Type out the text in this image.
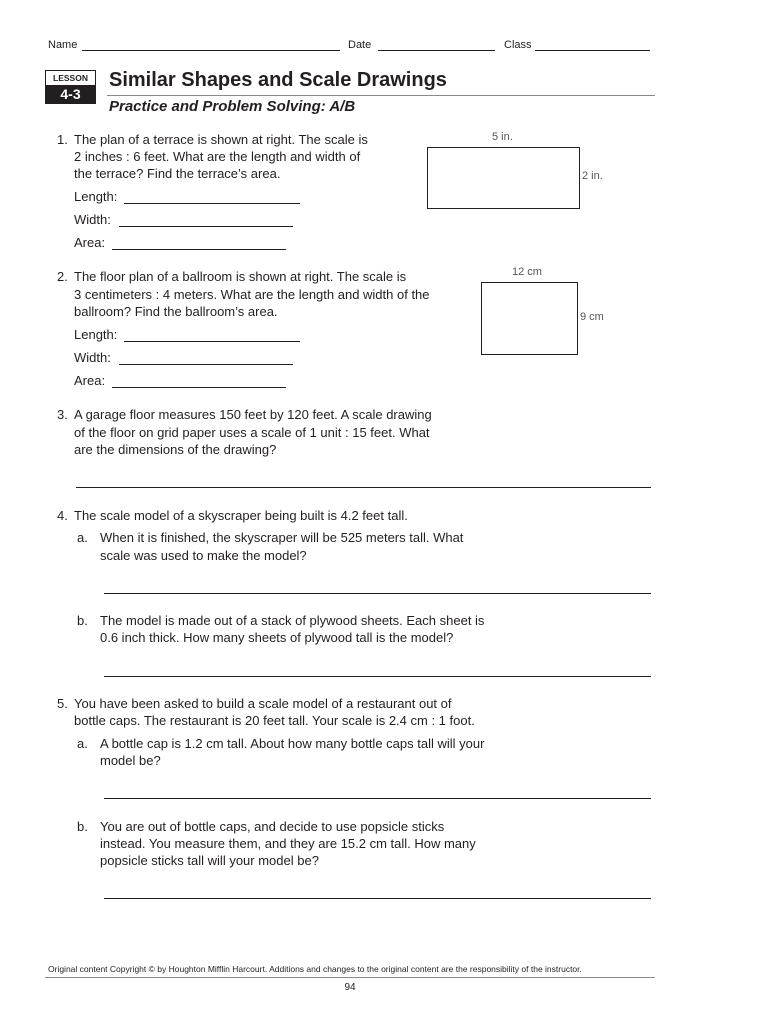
Name	Date	Class
LESSON
4-3
Similar Shapes and Scale Drawings
Practice and Problem Solving: A/B
1. The plan of a terrace is shown at right. The scale is
2 inches : 6 feet. What are the length and width of
the terrace? Find the terrace’s area.
Length:
Width:
Area:
5 in.
2 in.
2. The floor plan of a ballroom is shown at right. The scale is
3 centimeters : 4 meters. What are the length and width of the
ballroom? Find the ballroom’s area.
Length:
Width:
Area:
12 cm
9 cm
3. A garage floor measures 150 feet by 120 feet. A scale drawing
of the floor on grid paper uses a scale of 1 unit : 15 feet. What
are the dimensions of the drawing?
4. The scale model of a skyscraper being built is 4.2 feet tall.
a. When it is finished, the skyscraper will be 525 meters tall. What
scale was used to make the model?
b. The model is made out of a stack of plywood sheets. Each sheet is
0.6 inch thick. How many sheets of plywood tall is the model?
5. You have been asked to build a scale model of a restaurant out of
bottle caps. The restaurant is 20 feet tall. Your scale is 2.4 cm : 1 foot.
a. A bottle cap is 1.2 cm tall. About how many bottle caps tall will your
model be?
b. You are out of bottle caps, and decide to use popsicle sticks
instead. You measure them, and they are 15.2 cm tall. How many
popsicle sticks tall will your model be?
Original content Copyright © by Houghton Mifflin Harcourt. Additions and changes to the original content are the responsibility of the instructor.
94
